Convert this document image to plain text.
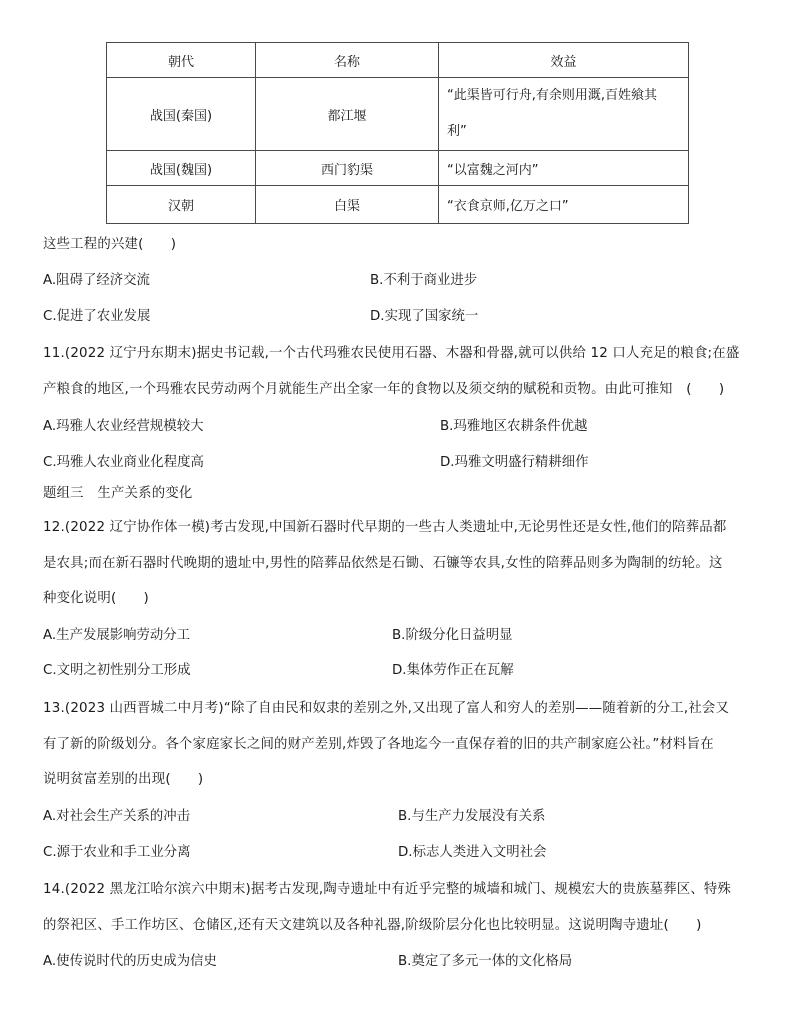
朝代	名称	效益
战国(秦国)	都江堰	“此渠皆可行舟,有余则用溉,百姓飨其
利”
战国(魏国)	西门豹渠	“以富魏之河内”
汉朝	白渠	“衣食京师,亿万之口”
这些工程的兴建(　　)
A.阻碍了经济交流	B.不利于商业进步
C.促进了农业发展	D.实现了国家统一
11.(2022 辽宁丹东期末)据史书记载,一个古代玛雅农民使用石器、木器和骨器,就可以供给 12 口人充足的粮食;在盛
产粮食的地区,一个玛雅农民劳动两个月就能生产出全家一年的食物以及须交纳的赋税和贡物。由此可推知　(　　)
A.玛雅人农业经营规模较大	B.玛雅地区农耕条件优越
C.玛雅人农业商业化程度高	D.玛雅文明盛行精耕细作
题组三　生产关系的变化
12.(2022 辽宁协作体一模)考古发现,中国新石器时代早期的一些古人类遗址中,无论男性还是女性,他们的陪葬品都
是农具;而在新石器时代晚期的遗址中,男性的陪葬品依然是石锄、石镰等农具,女性的陪葬品则多为陶制的纺轮。这
种变化说明(　　)
A.生产发展影响劳动分工	B.阶级分化日益明显
C.文明之初性别分工形成	D.集体劳作正在瓦解
13.(2023 山西晋城二中月考)“除了自由民和奴隶的差别之外,又出现了富人和穷人的差别——随着新的分工,社会又
有了新的阶级划分。各个家庭家长之间的财产差别,炸毁了各地迄今一直保存着的旧的共产制家庭公社。”材料旨在
说明贫富差别的出现(　　)
A.对社会生产关系的冲击	B.与生产力发展没有关系
C.源于农业和手工业分离	D.标志人类进入文明社会
14.(2022 黑龙江哈尔滨六中期末)据考古发现,陶寺遗址中有近乎完整的城墙和城门、规模宏大的贵族墓葬区、特殊
的祭祀区、手工作坊区、仓储区,还有天文建筑以及各种礼器,阶级阶层分化也比较明显。这说明陶寺遗址(　　)
A.使传说时代的历史成为信史	B.奠定了多元一体的文化格局
